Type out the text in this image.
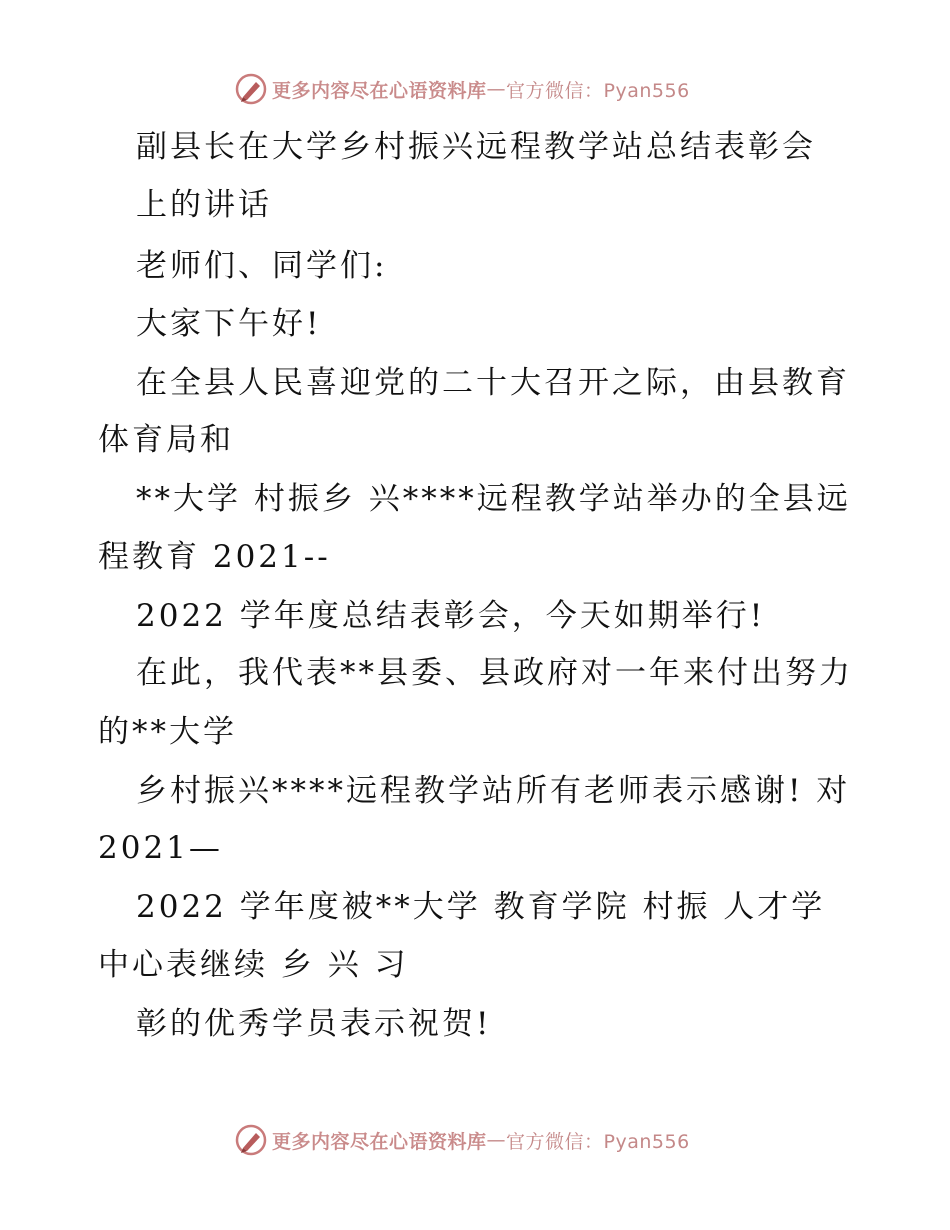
更多内容尽在心语资料库 — 官方微信：Pyan556
副县长在大学乡村振兴远程教学站总结表彰会
上的讲话
老师们、同学们:
大家下午好!
在全县人民喜迎党的二十大召开之际，由县教育
体育局和
**大学 村振乡 兴****远程教学站举办的全县远
程教育 2021--
2022 学年度总结表彰会，今天如期举行!
在此，我代表**县委、县政府对一年来付出努力
的**大学
乡村振兴****远程教学站所有老师表示感谢! 对
2021—
2022 学年度被**大学 教育学院 村振 人才学
中心表继续 乡 兴 习
彰的优秀学员表示祝贺!
更多内容尽在心语资料库 — 官方微信：Pyan556
